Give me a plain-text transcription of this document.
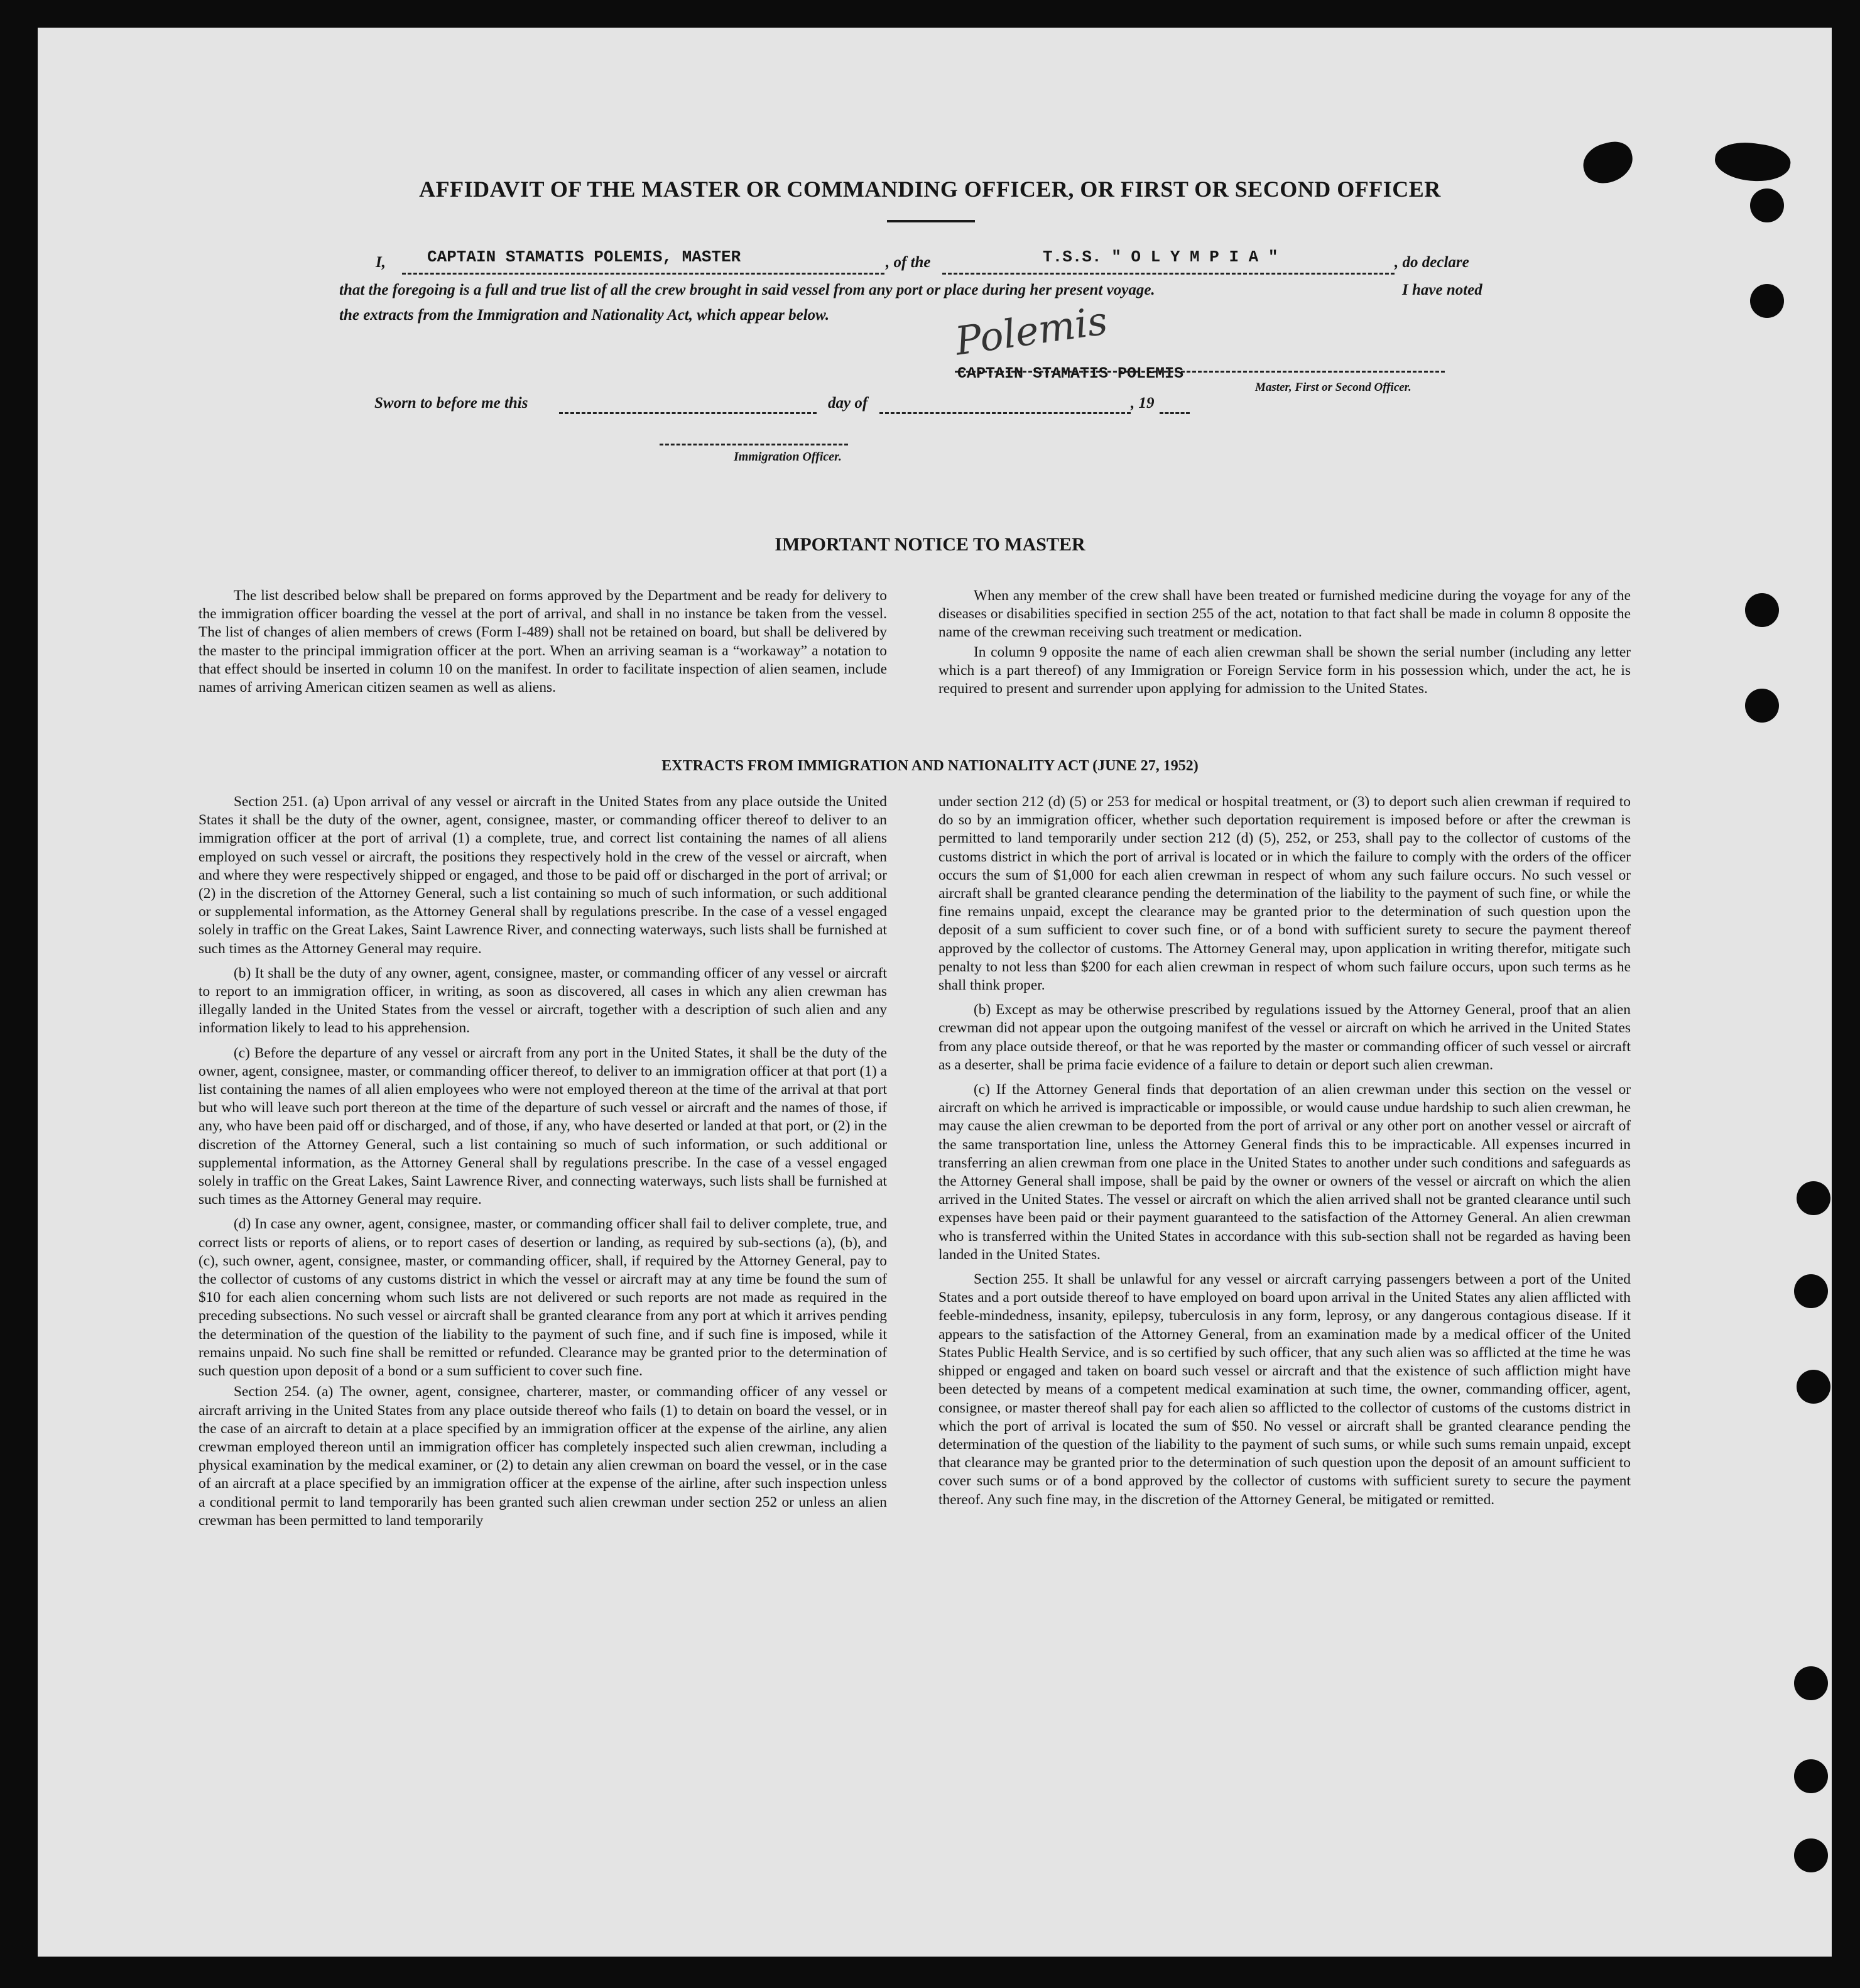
AFFIDAVIT OF THE MASTER OR COMMANDING OFFICER, OR FIRST OR SECOND OFFICER
I,	CAPTAIN STAMATIS POLEMIS, MASTER	, of the	T.S.S. " O L Y M P I A "	, do declare
that the foregoing is a full and true list of all the crew brought in said vessel from any port or place during her present voyage.	I have noted
the extracts from the Immigration and Nationality Act, which appear below.	Polemis
CAPTAIN STAMATIS POLEMIS
Master, First or Second Officer.
Sworn to before me this	day of	, 19
Immigration Officer.
IMPORTANT NOTICE TO MASTER

The list described below shall be prepared on forms approved by the Department and be ready for delivery to the immigration officer boarding the vessel at the port of arrival, and shall in no instance be taken from the vessel. The list of changes of alien members of crews (Form I-489) shall not be retained on board, but shall be delivered by the master to the principal immigration officer at the port. When an arriving seaman is a “workaway” a notation to that effect should be inserted in column 10 on the manifest. In order to facilitate inspection of alien seamen, include names of arriving American citizen seamen as well as aliens.

When any member of the crew shall have been treated or furnished medicine during the voyage for any of the diseases or disabilities specified in section 255 of the act, notation to that fact shall be made in column 8 opposite the name of the crewman receiving such treatment or medication.

In column 9 opposite the name of each alien crewman shall be shown the serial number (including any letter which is a part thereof) of any Immigration or Foreign Service form in his possession which, under the act, he is required to present and surrender upon applying for admission to the United States.

EXTRACTS FROM IMMIGRATION AND NATIONALITY ACT (JUNE 27, 1952)

Section 251. (a) Upon arrival of any vessel or aircraft in the United States from any place outside the United States it shall be the duty of the owner, agent, consignee, master, or commanding officer thereof to deliver to an immigration officer at the port of arrival (1) a complete, true, and correct list containing the names of all aliens employed on such vessel or aircraft, the positions they respectively hold in the crew of the vessel or aircraft, when and where they were respectively shipped or engaged, and those to be paid off or discharged in the port of arrival; or (2) in the discretion of the Attorney General, such a list containing so much of such information, or such additional or supplemental information, as the Attorney General shall by regulations prescribe. In the case of a vessel engaged solely in traffic on the Great Lakes, Saint Lawrence River, and connecting waterways, such lists shall be furnished at such times as the Attorney General may require.

(b) It shall be the duty of any owner, agent, consignee, master, or commanding officer of any vessel or aircraft to report to an immigration officer, in writing, as soon as discovered, all cases in which any alien crewman has illegally landed in the United States from the vessel or aircraft, together with a description of such alien and any information likely to lead to his apprehension.

(c) Before the departure of any vessel or aircraft from any port in the United States, it shall be the duty of the owner, agent, consignee, master, or commanding officer thereof, to deliver to an immigration officer at that port (1) a list containing the names of all alien employees who were not employed thereon at the time of the arrival at that port but who will leave such port thereon at the time of the departure of such vessel or aircraft and the names of those, if any, who have been paid off or discharged, and of those, if any, who have deserted or landed at that port, or (2) in the discretion of the Attorney General, such a list containing so much of such information, or such additional or supplemental information, as the Attorney General shall by regulations prescribe. In the case of a vessel engaged solely in traffic on the Great Lakes, Saint Lawrence River, and connecting waterways, such lists shall be furnished at such times as the Attorney General may require.

(d) In case any owner, agent, consignee, master, or commanding officer shall fail to deliver complete, true, and correct lists or reports of aliens, or to report cases of desertion or landing, as required by sub-sections (a), (b), and (c), such owner, agent, consignee, master, or commanding officer, shall, if required by the Attorney General, pay to the collector of customs of any customs district in which the vessel or aircraft may at any time be found the sum of $10 for each alien concerning whom such lists are not delivered or such reports are not made as required in the preceding subsections. No such vessel or aircraft shall be granted clearance from any port at which it arrives pending the determination of the question of the liability to the payment of such fine, and if such fine is imposed, while it remains unpaid. No such fine shall be remitted or refunded. Clearance may be granted prior to the determination of such question upon deposit of a bond or a sum sufficient to cover such fine.

Section 254. (a) The owner, agent, consignee, charterer, master, or commanding officer of any vessel or aircraft arriving in the United States from any place outside thereof who fails (1) to detain on board the vessel, or in the case of an aircraft to detain at a place specified by an immigration officer at the expense of the airline, any alien crewman employed thereon until an immigration officer has completely inspected such alien crewman, including a physical examination by the medical examiner, or (2) to detain any alien crewman on board the vessel, or in the case of an aircraft at a place specified by an immigration officer at the expense of the airline, after such inspection unless a conditional permit to land temporarily has been granted such alien crewman under section 252 or unless an alien crewman has been permitted to land temporarily

under section 212 (d) (5) or 253 for medical or hospital treatment, or (3) to deport such alien crewman if required to do so by an immigration officer, whether such deportation requirement is imposed before or after the crewman is permitted to land temporarily under section 212 (d) (5), 252, or 253, shall pay to the collector of customs of the customs district in which the port of arrival is located or in which the failure to comply with the orders of the officer occurs the sum of $1,000 for each alien crewman in respect of whom any such failure occurs. No such vessel or aircraft shall be granted clearance pending the determination of the liability to the payment of such fine, or while the fine remains unpaid, except the clearance may be granted prior to the determination of such question upon the deposit of a sum sufficient to cover such fine, or of a bond with sufficient surety to secure the payment thereof approved by the collector of customs. The Attorney General may, upon application in writing therefor, mitigate such penalty to not less than $200 for each alien crewman in respect of whom such failure occurs, upon such terms as he shall think proper.

(b) Except as may be otherwise prescribed by regulations issued by the Attorney General, proof that an alien crewman did not appear upon the outgoing manifest of the vessel or aircraft on which he arrived in the United States from any place outside thereof, or that he was reported by the master or commanding officer of such vessel or aircraft as a deserter, shall be prima facie evidence of a failure to detain or deport such alien crewman.

(c) If the Attorney General finds that deportation of an alien crewman under this section on the vessel or aircraft on which he arrived is impracticable or impossible, or would cause undue hardship to such alien crewman, he may cause the alien crewman to be deported from the port of arrival or any other port on another vessel or aircraft of the same transportation line, unless the Attorney General finds this to be impracticable. All expenses incurred in transferring an alien crewman from one place in the United States to another under such conditions and safeguards as the Attorney General shall impose, shall be paid by the owner or owners of the vessel or aircraft on which the alien arrived in the United States. The vessel or aircraft on which the alien arrived shall not be granted clearance until such expenses have been paid or their payment guaranteed to the satisfaction of the Attorney General. An alien crewman who is transferred within the United States in accordance with this sub-section shall not be regarded as having been landed in the United States.

Section 255. It shall be unlawful for any vessel or aircraft carrying passengers between a port of the United States and a port outside thereof to have employed on board upon arrival in the United States any alien afflicted with feeble-mindedness, insanity, epilepsy, tuberculosis in any form, leprosy, or any dangerous contagious disease. If it appears to the satisfaction of the Attorney General, from an examination made by a medical officer of the United States Public Health Service, and is so certified by such officer, that any such alien was so afflicted at the time he was shipped or engaged and taken on board such vessel or aircraft and that the existence of such affliction might have been detected by means of a competent medical examination at such time, the owner, commanding officer, agent, consignee, or master thereof shall pay for each alien so afflicted to the collector of customs of the customs district in which the port of arrival is located the sum of $50. No vessel or aircraft shall be granted clearance pending the determination of the question of the liability to the payment of such sums, or while such sums remain unpaid, except that clearance may be granted prior to the determination of such question upon the deposit of an amount sufficient to cover such sums or of a bond approved by the collector of customs with sufficient surety to secure the payment thereof. Any such fine may, in the discretion of the Attorney General, be mitigated or remitted.
